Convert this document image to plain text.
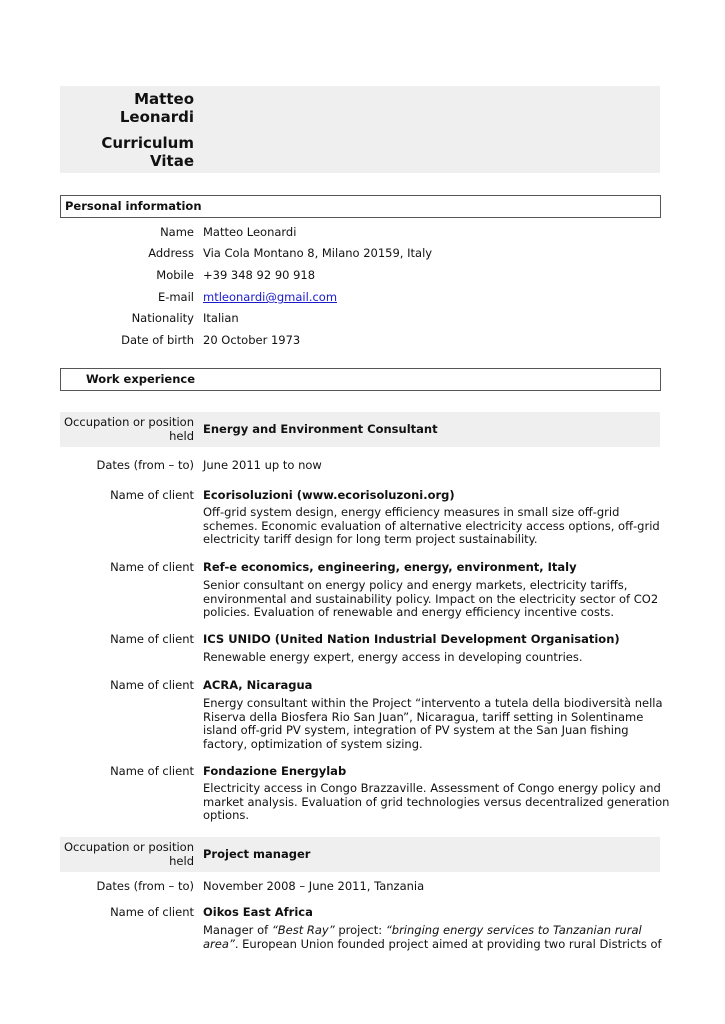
Matteo
Leonardi
Curriculum
Vitae
Personal information
Name Matteo Leonardi
Address Via Cola Montano 8, Milano 20159, Italy
Mobile +39 348 92 90 918
E-mail mtleonardi@gmail.com
Nationality Italian
Date of birth 20 October 1973
Work experience
Occupation or position
held Energy and Environment Consultant
Dates (from – to) June 2011 up to now
Name of client Ecorisoluzioni (www.ecorisoluzoni.org)
Off-grid system design, energy efficiency measures in small size off-grid
schemes. Economic evaluation of alternative electricity access options, off-grid
electricity tariff design for long term project sustainability.
Name of client Ref-e economics, engineering, energy, environment, Italy
Senior consultant on energy policy and energy markets, electricity tariffs,
environmental and sustainability policy. Impact on the electricity sector of CO2
policies. Evaluation of renewable and energy efficiency incentive costs.
Name of client ICS UNIDO (United Nation Industrial Development Organisation)
Renewable energy expert, energy access in developing countries.
Name of client ACRA, Nicaragua
Energy consultant within the Project “intervento a tutela della biodiversità nella
Riserva della Biosfera Rio San Juan”, Nicaragua, tariff setting in Solentiname
island off-grid PV system, integration of PV system at the San Juan fishing
factory, optimization of system sizing.
Name of client Fondazione Energylab
Electricity access in Congo Brazzaville. Assessment of Congo energy policy and
market analysis. Evaluation of grid technologies versus decentralized generation
options.
Occupation or position
held Project manager
Dates (from – to) November 2008 – June 2011, Tanzania
Name of client Oikos East Africa
Manager of “Best Ray” project: “bringing energy services to Tanzanian rural
area”. European Union founded project aimed at providing two rural Districts of
